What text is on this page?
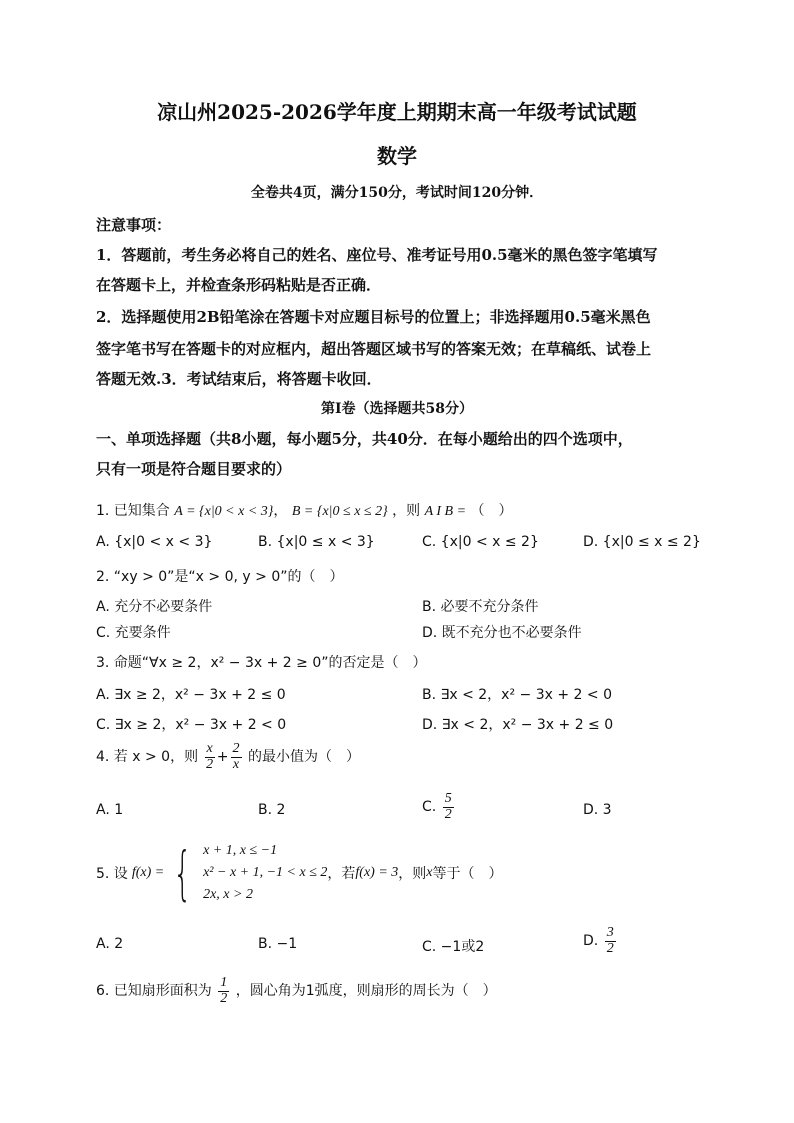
凉山州2025-2026学年度上期期末高一年级考试试题
数学
全卷共4页，满分150分，考试时间120分钟．
注意事项：
1．答题前，考生务必将自己的姓名、座位号、准考证号用0.5毫米的黑色签字笔填写
在答题卡上，并检查条形码粘贴是否正确．
2．选择题使用2B铅笔涂在答题卡对应题目标号的位置上；非选择题用0.5毫米黑色
签字笔书写在答题卡的对应框内，超出答题区域书写的答案无效；在草稿纸、试卷上
答题无效.3．考试结束后，将答题卡收回．
第I卷（选择题共58分）
一、单项选择题（共8小题，每小题5分，共40分．在每小题给出的四个选项中，
只有一项是符合题目要求的）
1. 已知集合 A = {x|0 < x < 3}， B = {x|0 ≤ x ≤ 2} ，则 A I B = （　）
A. {x|0 < x < 3}	B. {x|0 ≤ x < 3}	C. {x|0 < x ≤ 2}	D. {x|0 ≤ x ≤ 2}
2. “xy > 0”是“x > 0, y > 0”的（　）
A. 充分不必要条件	B. 必要不充分条件
C. 充要条件	D. 既不充分也不必要条件
3. 命题“∀x ≥ 2，x² − 3x + 2 ≥ 0”的否定是（　）
A. ∃x ≥ 2，x² − 3x + 2 ≤ 0	B. ∃x < 2，x² − 3x + 2 < 0
C. ∃x ≥ 2，x² − 3x + 2 < 0	D. ∃x < 2，x² − 3x + 2 ≤ 0
4. 若 x > 0，则 $\frac{x}{2} + \frac{2}{x}$ 的最小值为（　）
A. 1	B. 2	C. $\frac{5}{2}$	D. 3
5. 设 f(x) = { x + 1, x ≤ −1
x² − x + 1, −1 < x ≤ 2
2x, x > 2
，若 f(x) = 3 ，则 x 等于（　）
A. 2	B. −1	C. −1或2	D. $\frac{3}{2}$
6. 已知扇形面积为 $\frac{1}{2}$ ，圆心角为1弧度，则扇形的周长为（　）
